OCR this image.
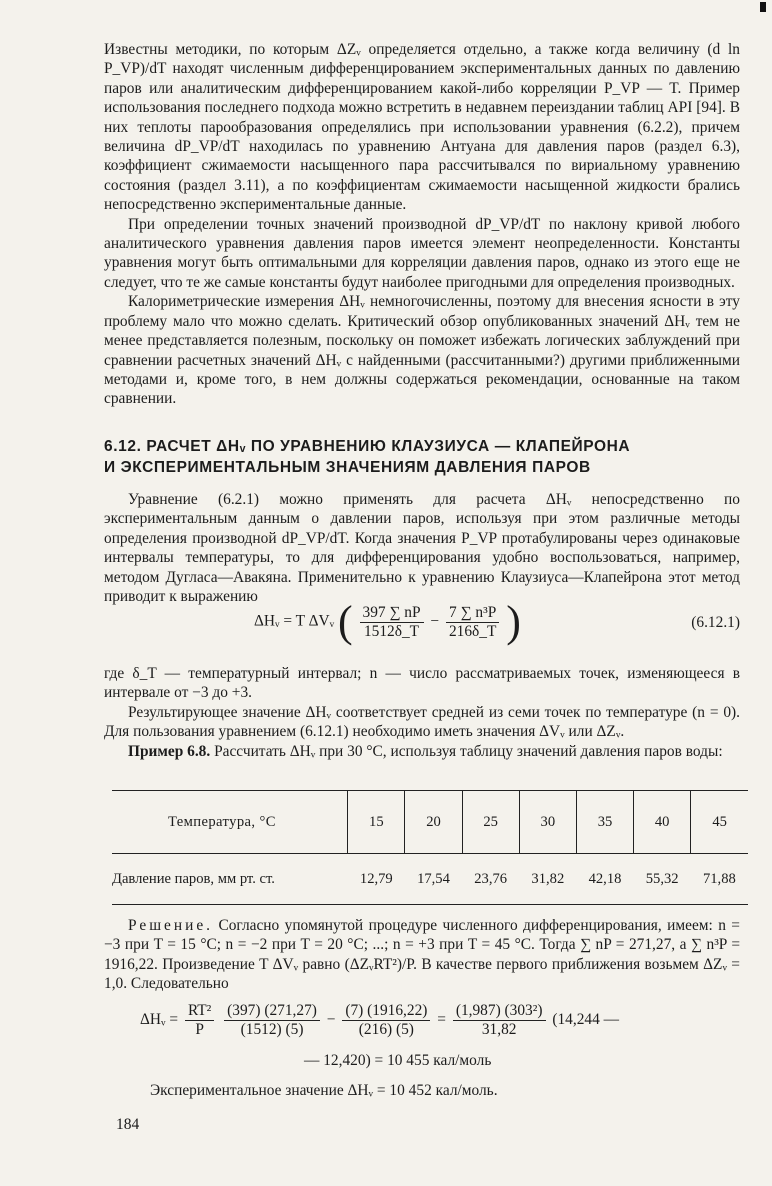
Известны методики, по которым ΔZᵥ определяется отдельно, а также когда величину (d ln P_VP)/dT находят численным дифференцированием экспериментальных данных по давлению паров или аналитическим дифференцированием какой-либо корреляции P_VP — T. Пример использования последнего подхода можно встретить в недавнем переиздании таблиц API [94]. В них теплоты парообразования определялись при использовании уравнения (6.2.2), причем величина dP_VP/dT находилась по уравнению Антуана для давления паров (раздел 6.3), коэффициент сжимаемости насыщенного пара рассчитывался по вириальному уравнению состояния (раздел 3.11), а по коэффициентам сжимаемости насыщенной жидкости брались непосредственно экспериментальные данные.

При определении точных значений производной dP_VP/dT по наклону кривой любого аналитического уравнения давления паров имеется элемент неопределенности. Константы уравнения могут быть оптимальными для корреляции давления паров, однако из этого еще не следует, что те же самые константы будут наиболее пригодными для определения производных.

Калориметрические измерения ΔHᵥ немногочисленны, поэтому для внесения ясности в эту проблему мало что можно сделать. Критический обзор опубликованных значений ΔHᵥ тем не менее представляется полезным, поскольку он поможет избежать логических заблуждений при сравнении расчетных значений ΔHᵥ с найденными (рассчитанными?) другими приближенными методами и, кроме того, в нем должны содержаться рекомендации, основанные на таком сравнении.

6.12. РАСЧЕТ ΔHᵥ ПО УРАВНЕНИЮ КЛАУЗИУСА — КЛАПЕЙРОНА
И ЭКСПЕРИМЕНТАЛЬНЫМ ЗНАЧЕНИЯМ ДАВЛЕНИЯ ПАРОВ

Уравнение (6.2.1) можно применять для расчета ΔHᵥ непосредственно по экспериментальным данным о давлении паров, используя при этом различные методы определения производной dP_VP/dT. Когда значения P_VP протабулированы через одинаковые интервалы температуры, то для дифференцирования удобно воспользоваться, например, методом Дугласа—Авакяна. Применительно к уравнению Клаузиуса—Клапейрона этот метод приводит к выражению

ΔHᵥ = T ΔVᵥ ( $\frac{397 \sum nP}{1512\delta\_T} - \frac{\text{7 ∑ n³P}}{216\delta\_T}$ )	(6.12.1)

где δ_T — температурный интервал; n — число рассматриваемых точек, изменяющееся в интервале от −3 до +3.

Результирующее значение ΔHᵥ соответствует средней из семи точек по температуре (n = 0). Для пользования уравнением (6.12.1) необходимо иметь значения ΔVᵥ или ΔZᵥ.

Пример 6.8. Рассчитать ΔHᵥ при 30 °C, используя таблицу значений давления паров воды:

Температура, °C	15	20	25	30	35	40	45
Давление паров, мм рт. ст.	12,79	17,54	23,76	31,82	42,18	55,32	71,88

Решение. Согласно упомянутой процедуре численного дифференцирования, имеем: n = −3 при T = 15 °C; n = −2 при T = 20 °C; ...; n = +3 при T = 45 °C. Тогда ∑ nP = 271,27, а ∑ n³P = 1916,22. Произведение T ΔVᵥ равно (ΔZᵥRT²)/P. В качестве первого приближения возьмем ΔZᵥ = 1,0. Следовательно

ΔHᵥ = $\frac{\text{RT²}}{P}$
$\frac{(397) (271,27)}{(1512) (5)} - \frac{(7) (1916,22)}{(216) (5)} = \frac{\text{(1,987) (303²)}}{31,82} (14,244$ —
— 12,420) = 10 455 кал/моль
Экспериментальное значение ΔHᵥ = 10 452 кал/моль.
184
